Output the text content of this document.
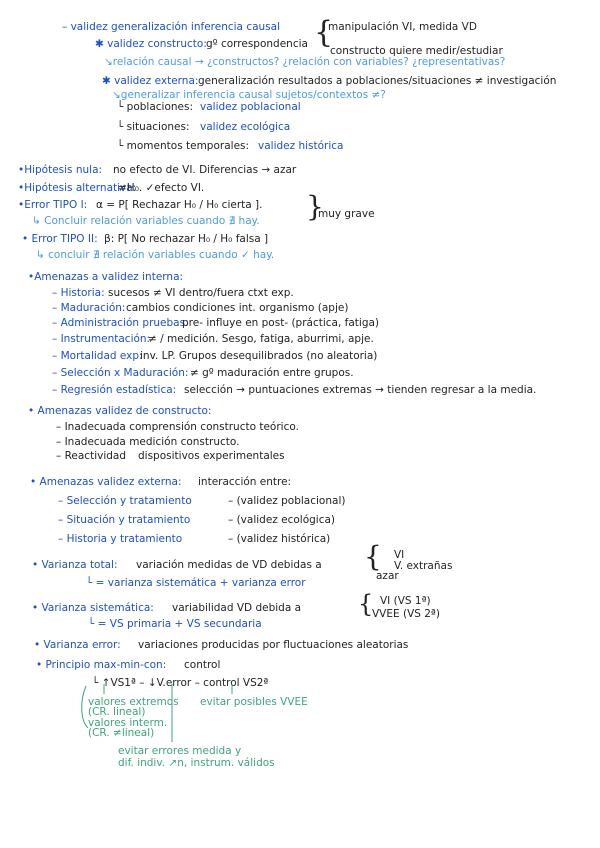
– validez generalización inferencia causal	manipulación VI, medida VD
✱ validez constructo: gº correspondencia
constructo quiere medir/estudiar
↘relación causal → ¿constructos? ¿relación con variables? ¿representativas?
✱ validez externa: generalización resultados a poblaciones/situaciones ≠ investigación
↘generalizar inferencia causal sujetos/contextos ≠?
└ poblaciones: validez poblacional
└ situaciones: validez ecológica
└ momentos temporales: validez histórica
•Hipótesis nula: no efecto de VI. Diferencias → azar
•Hipótesis alternativa:
≠H₀. ✓efecto VI.
•Error TIPO I: α = P[ Rechazar H₀ / H₀ cierta ].
↳ Concluir relación variables cuando ∄ hay.
muy grave
• Error TIPO II: β: P[ No rechazar H₀ / H₀ falsa ]
↳ concluir ∄ relación variables cuando ✓ hay.
•Amenazas a validez interna:
– Historia: sucesos ≠ VI dentro/fuera ctxt exp.
– Maduración: cambios condiciones int. organismo (apje)
– Administración pruebas:
pre- influye en post- (práctica, fatiga)
– Instrumentación:
≠ / medición. Sesgo, fatiga, aburrimi, apje.
– Mortalidad exp:
inv. LP. Grupos desequilibrados (no aleatoria)
– Selección x Maduración: ≠ gº maduración entre grupos.
– Regresión estadística: selección → puntuaciones extremas → tienden regresar a la media.
• Amenazas validez de constructo:
– Inadecuada comprensión constructo teórico.
– Inadecuada medición constructo.
– Reactividad dispositivos experimentales
• Amenazas validez externa: interacción entre:
– Selección y tratamiento	– (validez poblacional)
– Situación y tratamiento	– (validez ecológica)
– Historia y tratamiento	– (validez histórica)
• Varianza total: variación medidas de VD debidas a
VI
V. extrañas
azar
└ = varianza sistemática + varianza error
• Varianza sistemática: variabilidad VD debida a
VI (VS 1ª)
VVEE (VS 2ª)
└ = VS primaria + VS secundaria
• Varianza error: variaciones producidas por fluctuaciones aleatorias
• Principio max-min-con: control
└ ↑VS1ª – ↓V.error – control VS2ª
valores extremos
(CR. lineal)
evitar posibles VVEE
valores interm.
(CR. ≠lineal)
evitar errores medida y
dif. indiv. ↗n, instrum. válidos
{
}
{
{
